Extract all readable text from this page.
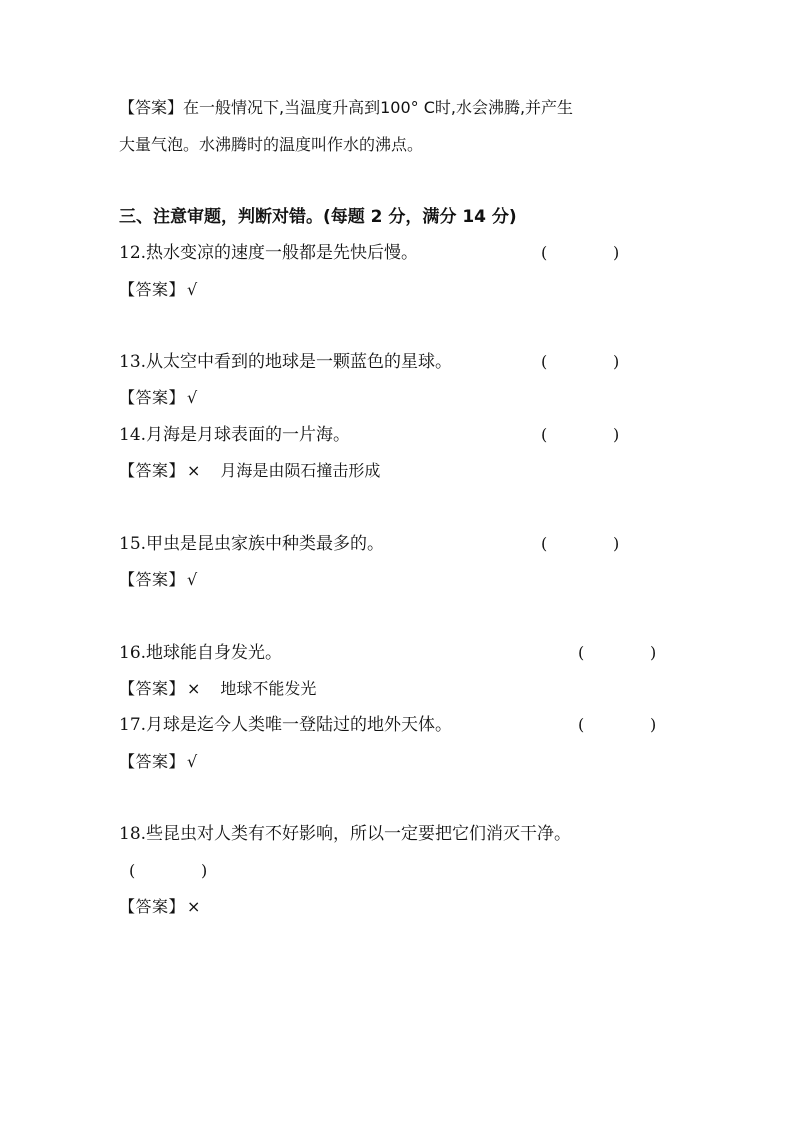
【答案】在一般情况下,当温度升高到100° C时,水会沸腾,并产生
大量气泡。水沸腾时的温度叫作水的沸点。
三、注意审题，判断对错。(每题 2 分，满分 14 分)
12.热水变凉的速度一般都是先快后慢。	(	)
【答案】 √
13.从太空中看到的地球是一颗蓝色的星球。	(	)
【答案】 √
14.月海是月球表面的一片海。	(	)
【答案】 × 月海是由陨石撞击形成
15.甲虫是昆虫家族中种类最多的。	(	)
【答案】 √
16.地球能自身发光。	(	)
【答案】 × 地球不能发光
17.月球是迄今人类唯一登陆过的地外天体。	(	)
【答案】 √
18.些昆虫对人类有不好影响，所以一定要把它们消灭干净。
(	)
【答案】 ×
